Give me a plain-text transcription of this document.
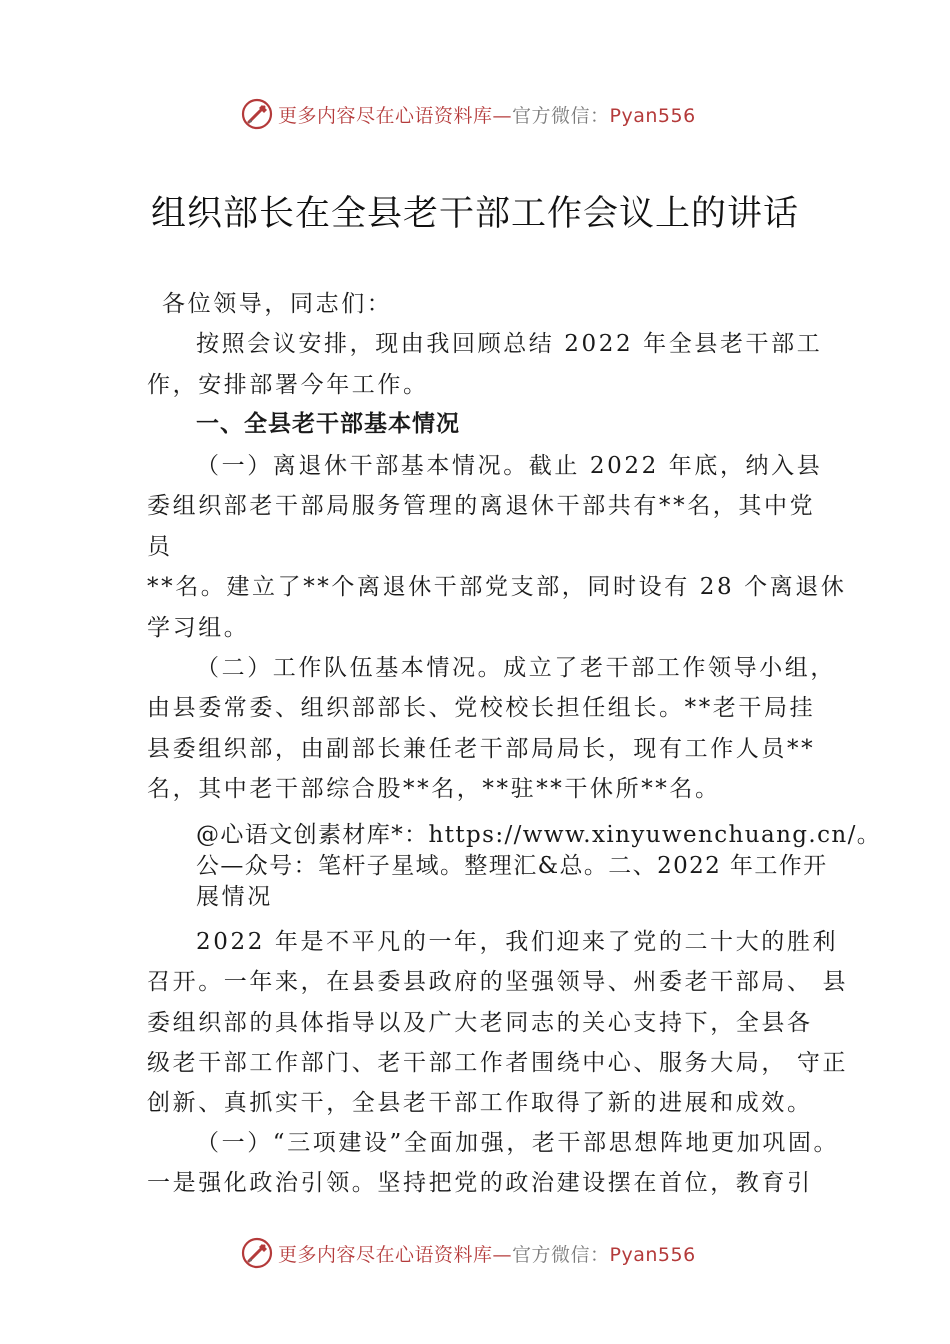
更多内容尽在心语资料库—官方微信：Pyan556
组织部长在全县老干部工作会议上的讲话
各位领导，同志们：
按照会议安排，现由我回顾总结 2022 年全县老干部工
作，安排部署今年工作。
一、全县老干部基本情况
（一）离退休干部基本情况。截止 2022 年底，纳入县
委组织部老干部局服务管理的离退休干部共有**名，其中党
员
**名。建立了**个离退休干部党支部，同时设有 28 个离退休
学习组。
（二）工作队伍基本情况。成立了老干部工作领导小组，
由县委常委、组织部部长、党校校长担任组长。**老干局挂
县委组织部，由副部长兼任老干部局局长，现有工作人员**
名，其中老干部综合股**名，**驻**干休所**名。
@心语文创素材库*：https://www.xinyuwenchuang.cn/。
公—众号：笔杆子星域。整理汇&总。二、2022 年工作开
展情况
2022 年是不平凡的一年，我们迎来了党的二十大的胜利
召开。一年来，在县委县政府的坚强领导、州委老干部局、 县
委组织部的具体指导以及广大老同志的关心支持下，全县各
级老干部工作部门、老干部工作者围绕中心、服务大局， 守正
创新、真抓实干，全县老干部工作取得了新的进展和成效。
（一）“三项建设”全面加强，老干部思想阵地更加巩固。
一是强化政治引领。坚持把党的政治建设摆在首位，教育引
更多内容尽在心语资料库—官方微信：Pyan556
